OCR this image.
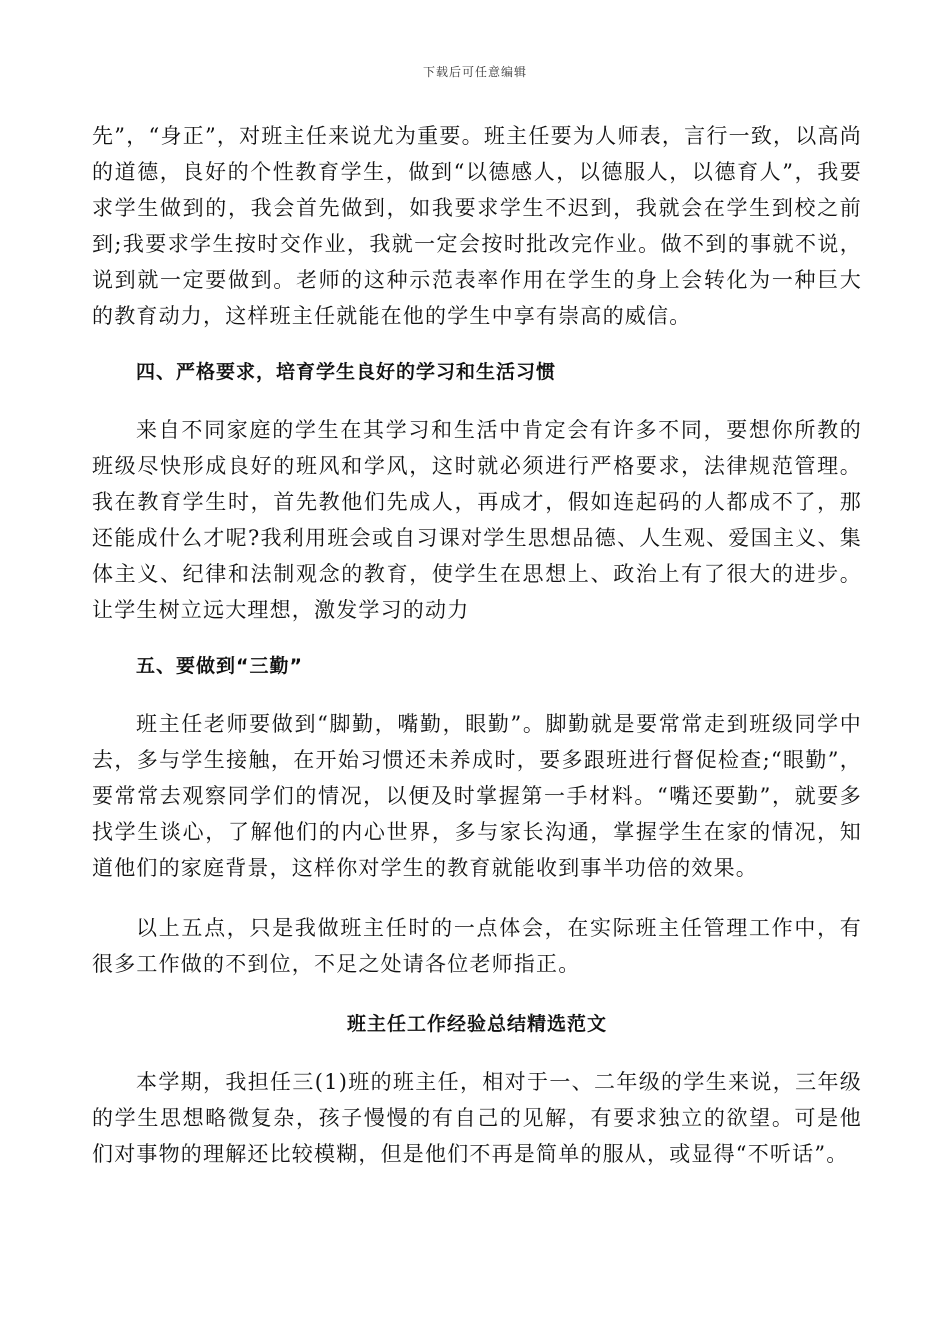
下载后可任意编辑

先”，“身正”，对班主任来说尤为重要。班主任要为人师表，言行一致，以高尚的道德，良好的个性教育学生，做到“以德感人，以德服人，以德育人”，我要求学生做到的，我会首先做到，如我要求学生不迟到，我就会在学生到校之前到;我要求学生按时交作业，我就一定会按时批改完作业。做不到的事就不说，说到就一定要做到。老师的这种示范表率作用在学生的身上会转化为一种巨大的教育动力，这样班主任就能在他的学生中享有崇高的威信。

四、严格要求，培育学生良好的学习和生活习惯

来自不同家庭的学生在其学习和生活中肯定会有许多不同，要想你所教的班级尽快形成良好的班风和学风，这时就必须进行严格要求，法律规范管理。我在教育学生时，首先教他们先成人，再成才，假如连起码的人都成不了，那还能成什么才呢?我利用班会或自习课对学生思想品德、人生观、爱国主义、集体主义、纪律和法制观念的教育，使学生在思想上、政治上有了很大的进步。让学生树立远大理想，激发学习的动力

五、要做到“三勤”

班主任老师要做到“脚勤，嘴勤，眼勤”。脚勤就是要常常走到班级同学中去，多与学生接触，在开始习惯还未养成时，要多跟班进行督促检查;“眼勤”，要常常去观察同学们的情况，以便及时掌握第一手材料。“嘴还要勤”，就要多找学生谈心，了解他们的内心世界，多与家长沟通，掌握学生在家的情况，知道他们的家庭背景，这样你对学生的教育就能收到事半功倍的效果。

以上五点，只是我做班主任时的一点体会，在实际班主任管理工作中，有很多工作做的不到位，不足之处请各位老师指正。

班主任工作经验总结精选范文

本学期，我担任三(1)班的班主任，相对于一、二年级的学生来说，三年级的学生思想略微复杂，孩子慢慢的有自己的见解，有要求独立的欲望。可是他们对事物的理解还比较模糊，但是他们不再是简单的服从，或显得“不听话”。
